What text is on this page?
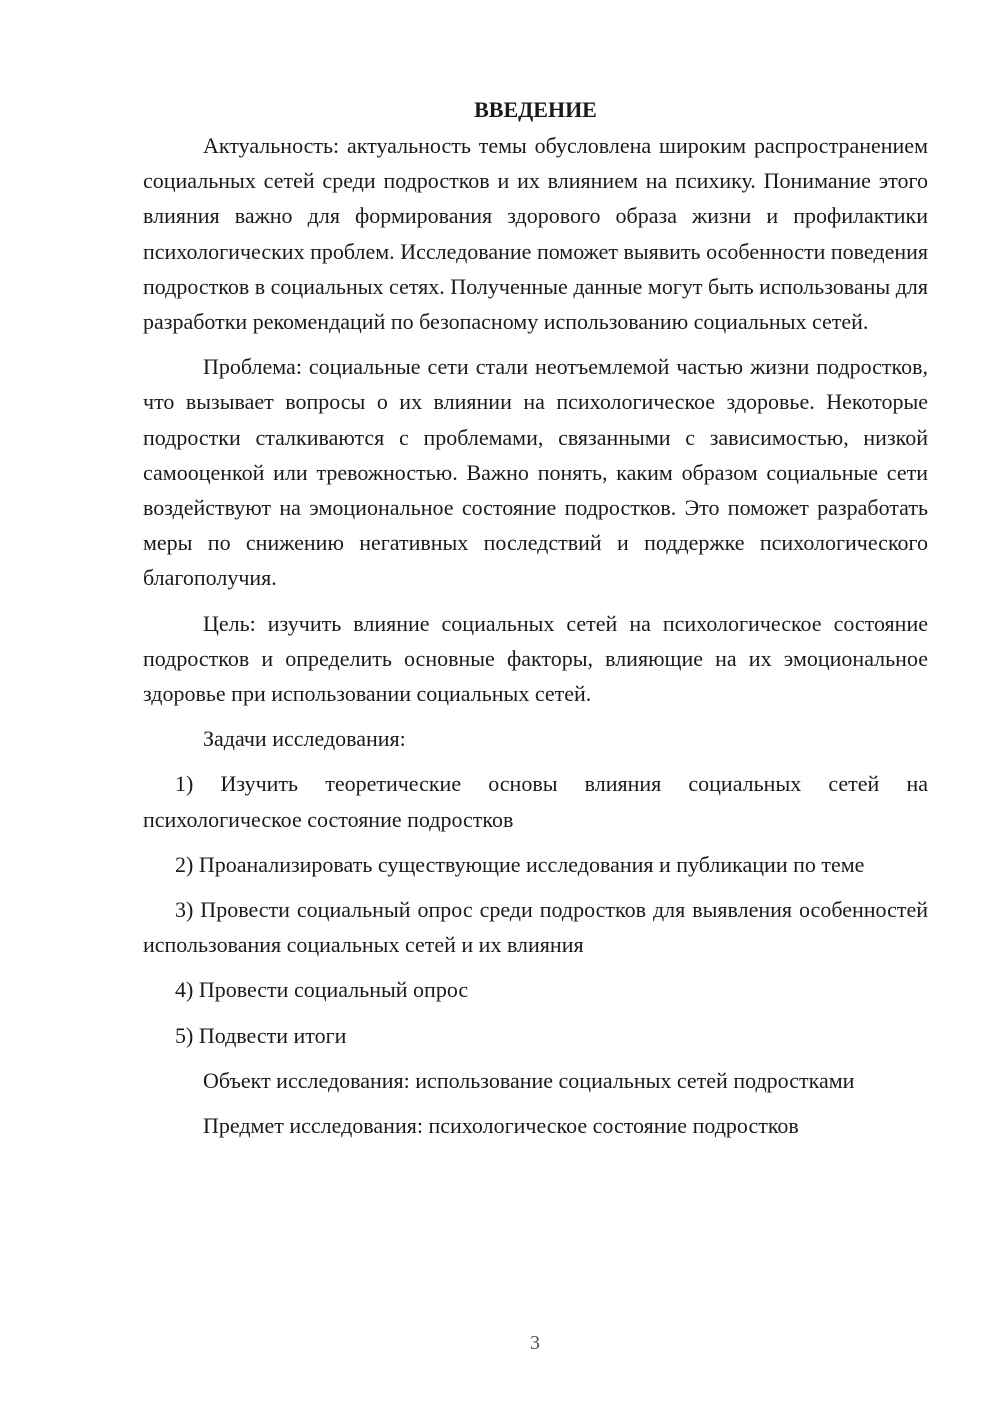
ВВЕДЕНИЕ

Актуальность: актуальность темы обусловлена широким распространением социальных сетей среди подростков и их влиянием на психику. Понимание этого влияния важно для формирования здорового образа жизни и профилактики психологических проблем. Исследование поможет выявить особенности поведения подростков в социальных сетях. Полученные данные могут быть использованы для разработки рекомендаций по безопасному использованию социальных сетей.

Проблема: социальные сети стали неотъемлемой частью жизни подростков, что вызывает вопросы о их влиянии на психологическое здоровье. Некоторые подростки сталкиваются с проблемами, связанными с зависимостью, низкой самооценкой или тревожностью. Важно понять, каким образом социальные сети воздействуют на эмоциональное состояние подростков. Это поможет разработать меры по снижению негативных последствий и поддержке психологического благополучия.

Цель: изучить влияние социальных сетей на психологическое состояние подростков и определить основные факторы, влияющие на их эмоциональное здоровье при использовании социальных сетей.

Задачи исследования:

1) Изучить теоретические основы влияния социальных сетей на психологическое состояние подростков

2) Проанализировать существующие исследования и публикации по теме

3) Провести социальный опрос среди подростков для выявления особенностей использования социальных сетей и их влияния

4) Провести социальный опрос

5) Подвести итоги

Объект исследования: использование социальных сетей подростками

Предмет исследования: психологическое состояние подростков

3
